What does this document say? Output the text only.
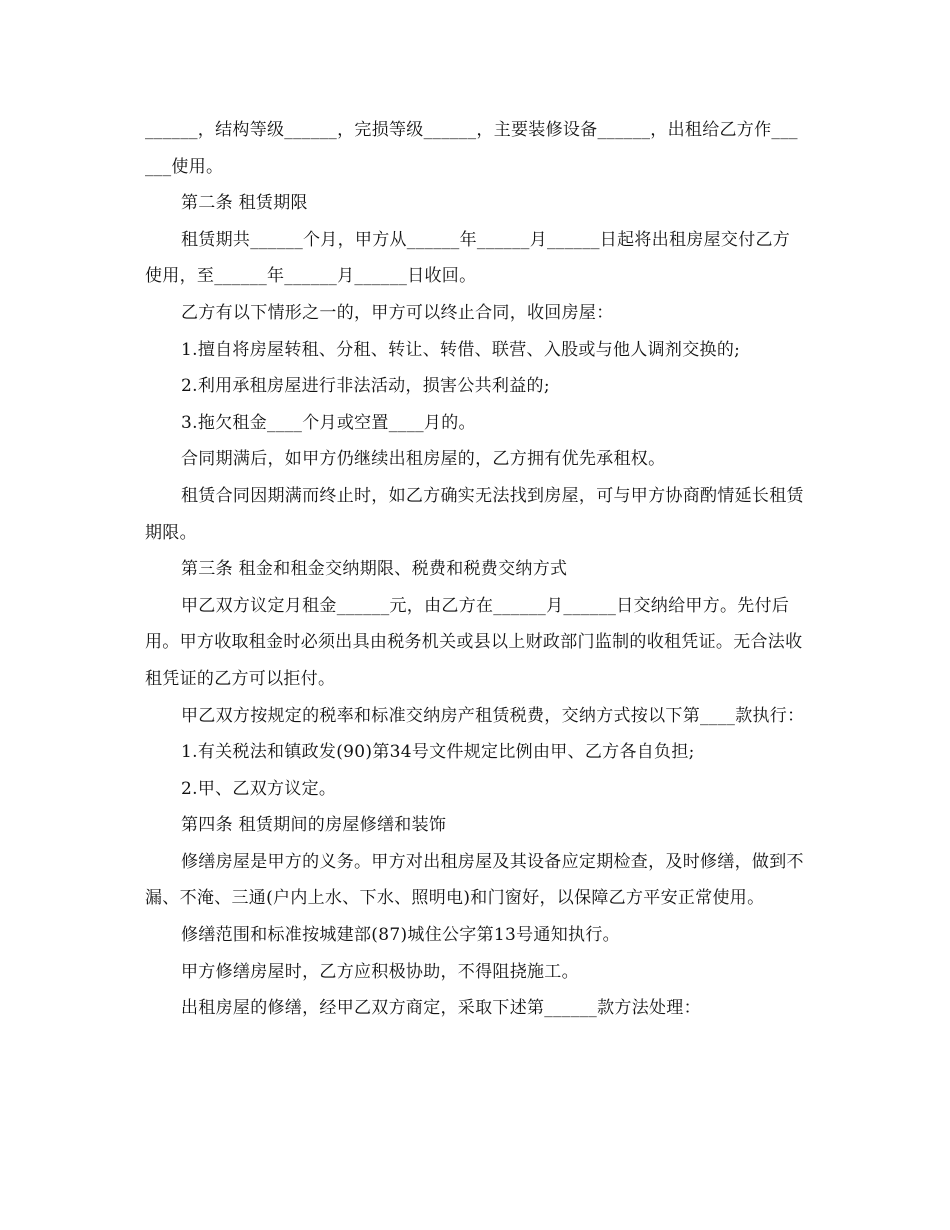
______，结构等级______，完损等级______，主要装修设备______，出租给乙方作______使用。

第二条 租赁期限

租赁期共______个月，甲方从______年______月______日起将出租房屋交付乙方使用，至______年______月______日收回。

乙方有以下情形之一的，甲方可以终止合同，收回房屋：

1.擅自将房屋转租、分租、转让、转借、联营、入股或与他人调剂交换的;

2.利用承租房屋进行非法活动，损害公共利益的;

3.拖欠租金____个月或空置____月的。

合同期满后，如甲方仍继续出租房屋的，乙方拥有优先承租权。

租赁合同因期满而终止时，如乙方确实无法找到房屋，可与甲方协商酌情延长租赁期限。

第三条 租金和租金交纳期限、税费和税费交纳方式

甲乙双方议定月租金______元，由乙方在______月______日交纳给甲方。先付后用。甲方收取租金时必须出具由税务机关或县以上财政部门监制的收租凭证。无合法收租凭证的乙方可以拒付。

甲乙双方按规定的税率和标准交纳房产租赁税费，交纳方式按以下第____款执行：

1.有关税法和镇政发(90)第34号文件规定比例由甲、乙方各自负担;

2.甲、乙双方议定。

第四条 租赁期间的房屋修缮和装饰

修缮房屋是甲方的义务。甲方对出租房屋及其设备应定期检查，及时修缮，做到不漏、不淹、三通(户内上水、下水、照明电)和门窗好，以保障乙方平安正常使用。

修缮范围和标准按城建部(87)城住公字第13号通知执行。

甲方修缮房屋时，乙方应积极协助，不得阻挠施工。

出租房屋的修缮，经甲乙双方商定，采取下述第______款方法处理：
